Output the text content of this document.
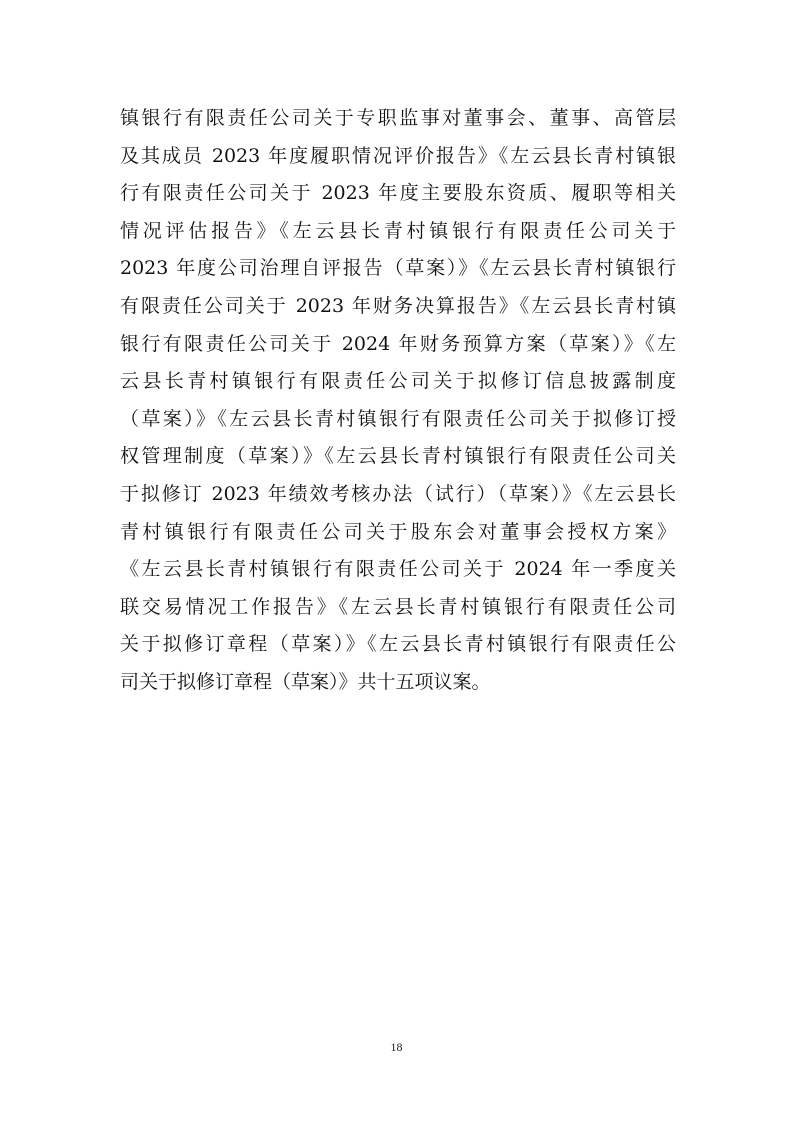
镇银行有限责任公司关于专职监事对董事会、董事、高管层
及其成员 2023 年度履职情况评价报告》《左云县长青村镇银
行有限责任公司关于 2023 年度主要股东资质、履职等相关
情况评估报告》《左云县长青村镇银行有限责任公司关于
2023 年度公司治理自评报告（草案）》《左云县长青村镇银行
有限责任公司关于 2023 年财务决算报告》《左云县长青村镇
银行有限责任公司关于 2024 年财务预算方案（草案）》《左
云县长青村镇银行有限责任公司关于拟修订信息披露制度
（草案）》《左云县长青村镇银行有限责任公司关于拟修订授
权管理制度（草案）》《左云县长青村镇银行有限责任公司关
于拟修订 2023 年绩效考核办法（试行）（草案）》《左云县长
青村镇银行有限责任公司关于股东会对董事会授权方案》
《左云县长青村镇银行有限责任公司关于 2024 年一季度关
联交易情况工作报告》《左云县长青村镇银行有限责任公司
关于拟修订章程（草案）》《左云县长青村镇银行有限责任公
司关于拟修订章程（草案）》共十五项议案。
18
